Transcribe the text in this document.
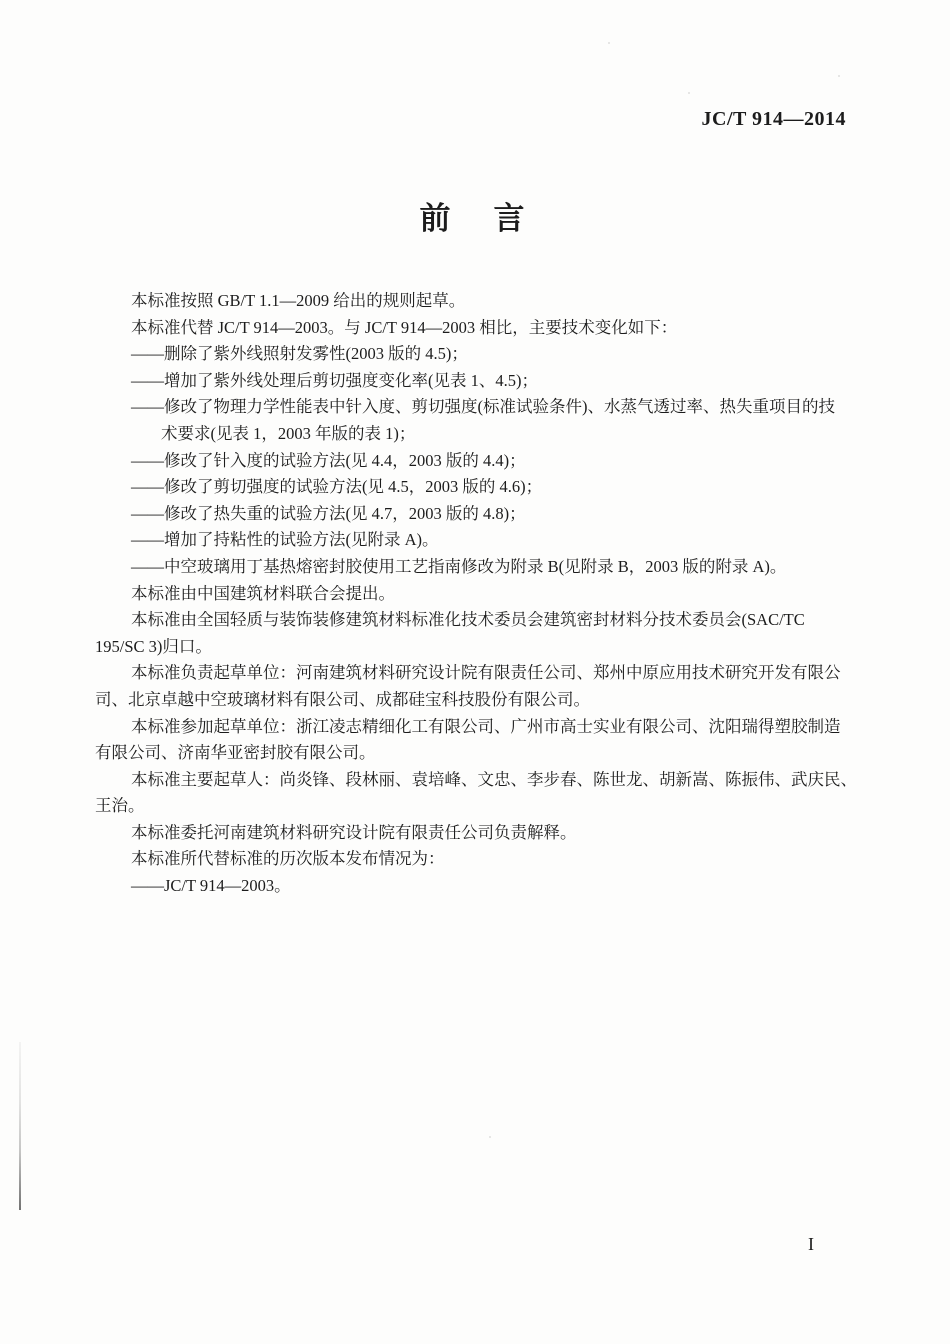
JC/T 914—2014
前　言
本标准按照 GB/T 1.1—2009 给出的规则起草。
本标准代替 JC/T 914—2003。与 JC/T 914—2003 相比，主要技术变化如下：
——删除了紫外线照射发雾性(2003 版的 4.5)；
——增加了紫外线处理后剪切强度变化率(见表 1、4.5)；
——修改了物理力学性能表中针入度、剪切强度(标准试验条件)、水蒸气透过率、热失重项目的技
术要求(见表 1，2003 年版的表 1)；
——修改了针入度的试验方法(见 4.4，2003 版的 4.4)；
——修改了剪切强度的试验方法(见 4.5，2003 版的 4.6)；
——修改了热失重的试验方法(见 4.7，2003 版的 4.8)；
——增加了持粘性的试验方法(见附录 A)。
——中空玻璃用丁基热熔密封胶使用工艺指南修改为附录 B(见附录 B，2003 版的附录 A)。
本标准由中国建筑材料联合会提出。
本标准由全国轻质与装饰装修建筑材料标准化技术委员会建筑密封材料分技术委员会(SAC/TC
195/SC 3)归口。
本标准负责起草单位：河南建筑材料研究设计院有限责任公司、郑州中原应用技术研究开发有限公
司、北京卓越中空玻璃材料有限公司、成都硅宝科技股份有限公司。
本标准参加起草单位：浙江凌志精细化工有限公司、广州市高士实业有限公司、沈阳瑞得塑胶制造
有限公司、济南华亚密封胶有限公司。
本标准主要起草人：尚炎锋、段林丽、袁培峰、文忠、李步春、陈世龙、胡新嵩、陈振伟、武庆民、
王治。
本标准委托河南建筑材料研究设计院有限责任公司负责解释。
本标准所代替标准的历次版本发布情况为：
——JC/T 914—2003。
I
